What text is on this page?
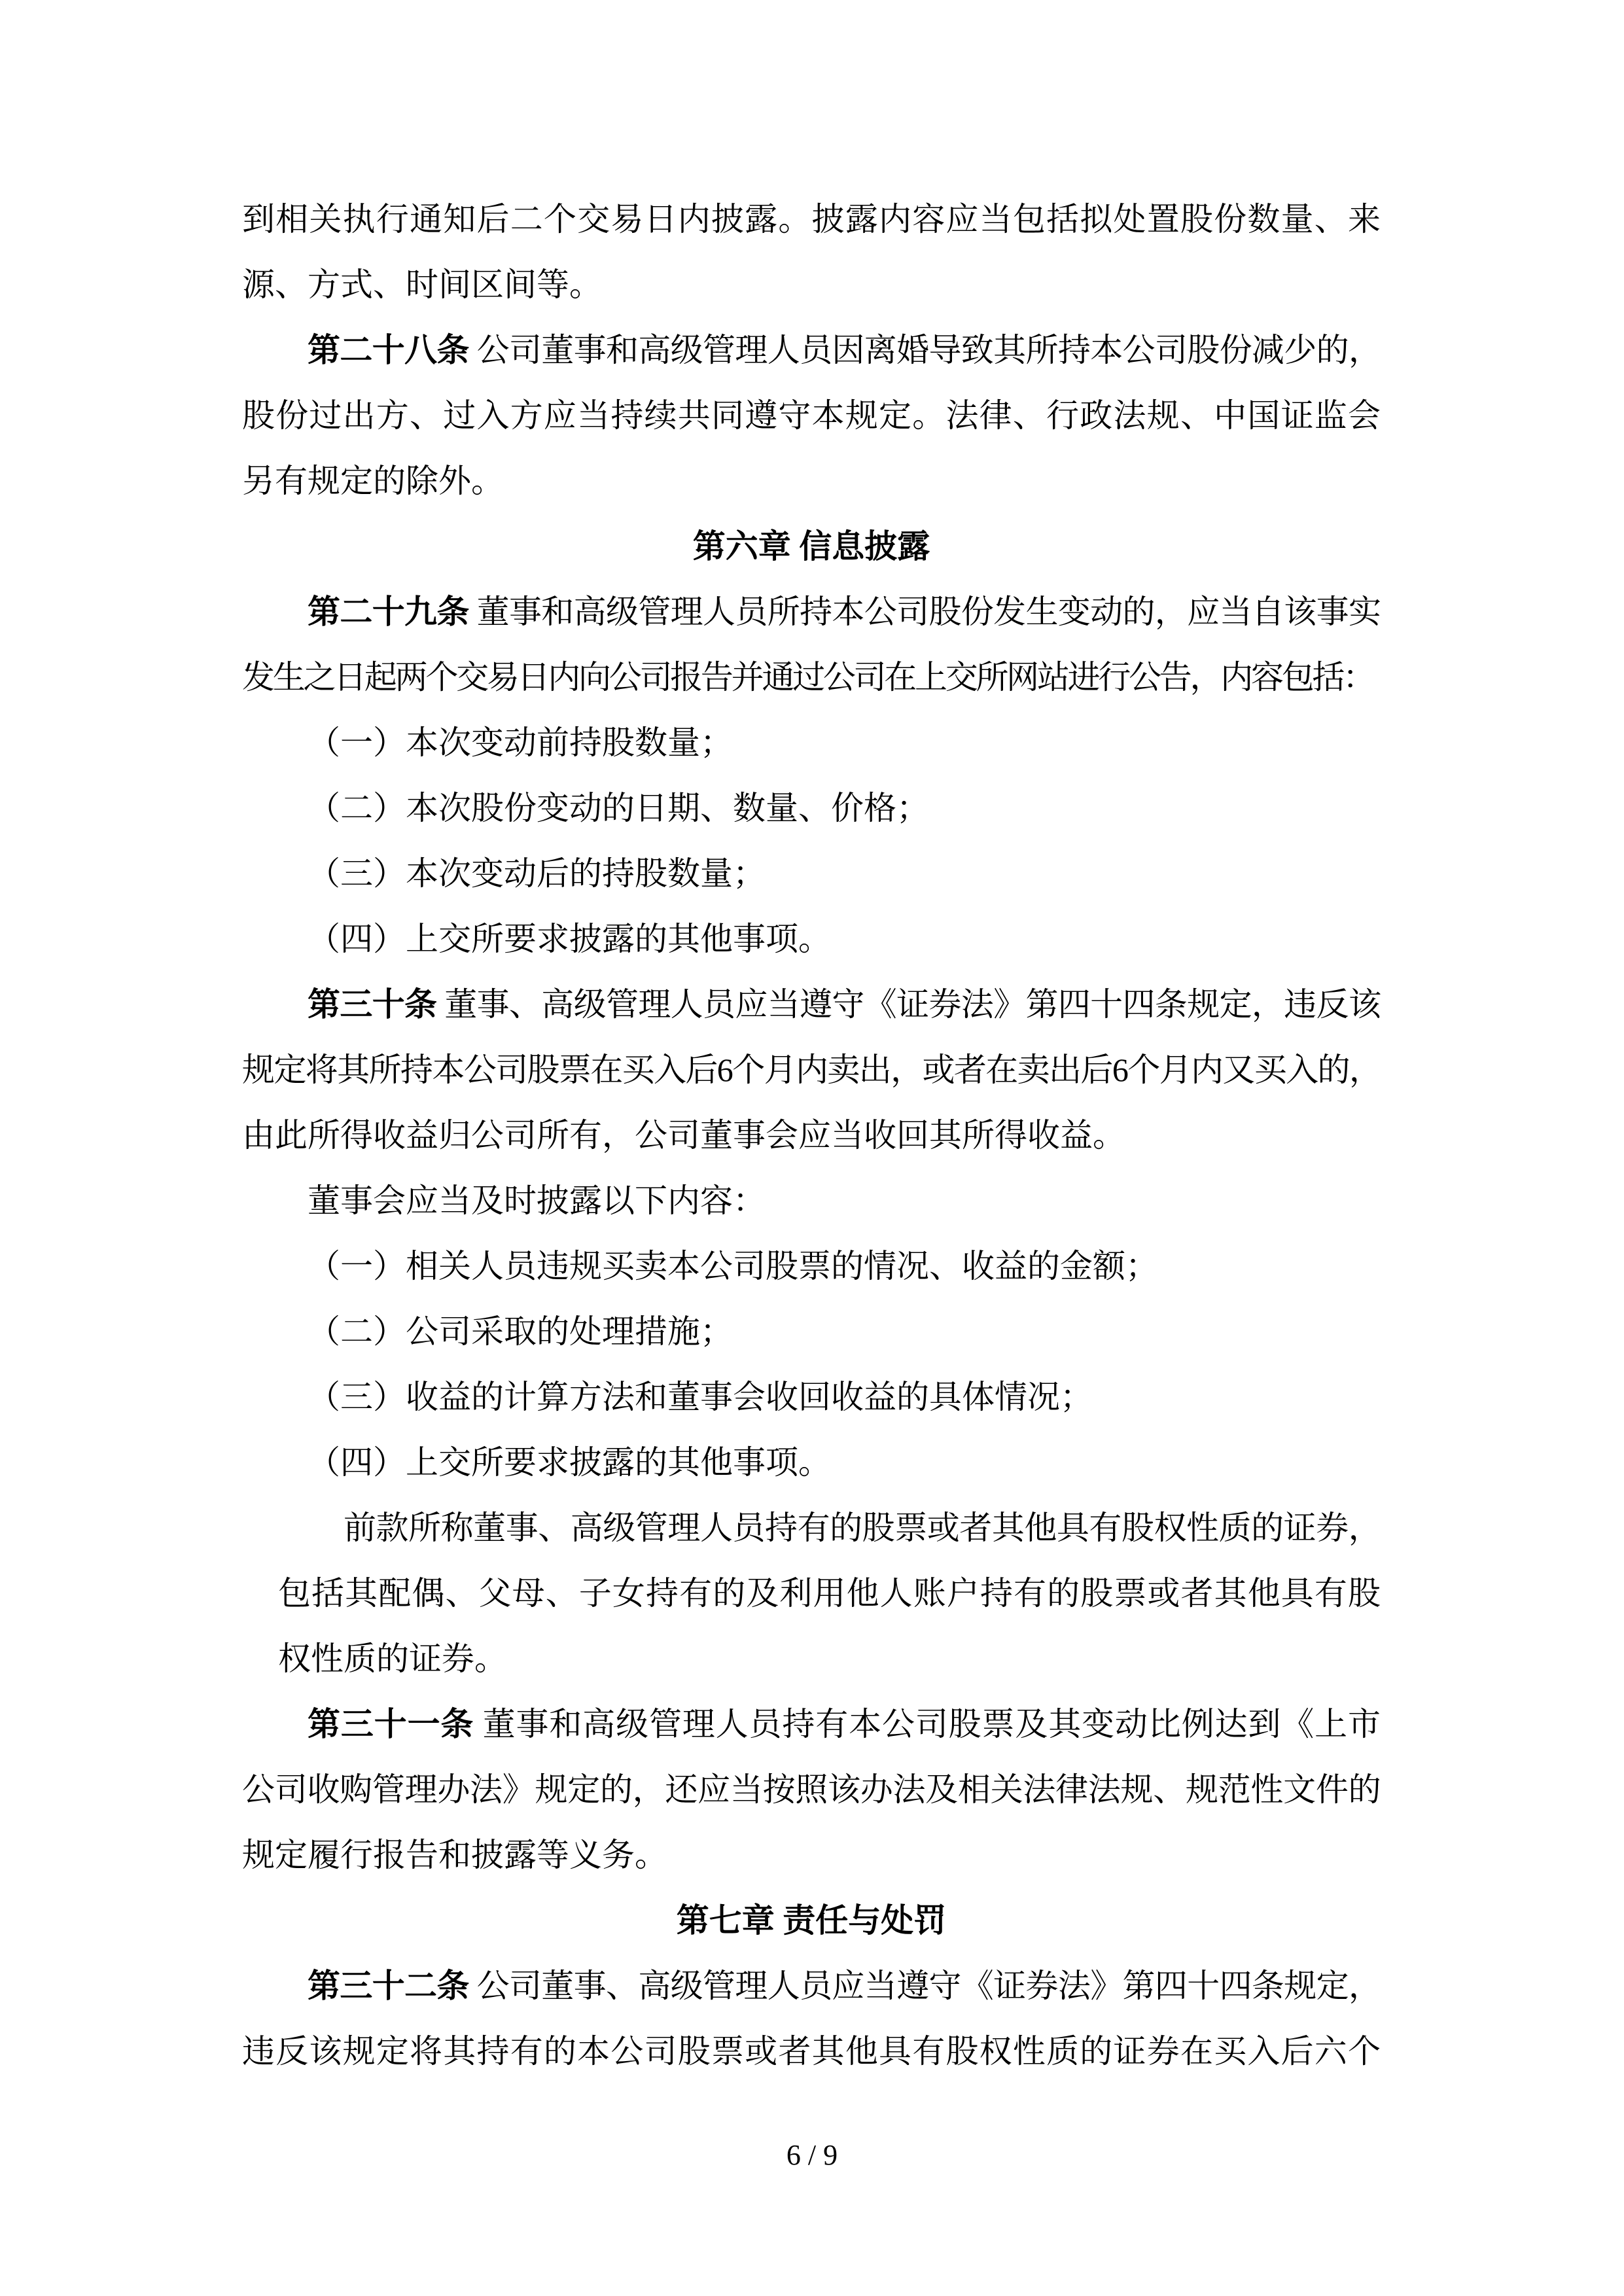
到相关执行通知后二个交易日内披露。披露内容应当包括拟处置股份数量、来
源、方式、时间区间等。
第二十八条 公司董事和高级管理人员因离婚导致其所持本公司股份减少的，
股份过出方、过入方应当持续共同遵守本规定。法律、行政法规、中国证监会
另有规定的除外。
第六章 信息披露
第二十九条 董事和高级管理人员所持本公司股份发生变动的，应当自该事实
发生之日起两个交易日内向公司报告并通过公司在上交所网站进行公告，内容包括：
（一）本次变动前持股数量；
（二）本次股份变动的日期、数量、价格；
（三）本次变动后的持股数量；
（四）上交所要求披露的其他事项。
第三十条 董事、高级管理人员应当遵守《证券法》第四十四条规定，违反该
规定将其所持本公司股票在买入后6个月内卖出，或者在卖出后6个月内又买入的，
由此所得收益归公司所有，公司董事会应当收回其所得收益。
董事会应当及时披露以下内容：
（一）相关人员违规买卖本公司股票的情况、收益的金额；
（二）公司采取的处理措施；
（三）收益的计算方法和董事会收回收益的具体情况；
（四）上交所要求披露的其他事项。
前款所称董事、高级管理人员持有的股票或者其他具有股权性质的证券，
包括其配偶、父母、子女持有的及利用他人账户持有的股票或者其他具有股
权性质的证券。
第三十一条 董事和高级管理人员持有本公司股票及其变动比例达到《上市
公司收购管理办法》规定的，还应当按照该办法及相关法律法规、规范性文件的
规定履行报告和披露等义务。
第七章 责任与处罚
第三十二条 公司董事、高级管理人员应当遵守《证券法》第四十四条规定，
违反该规定将其持有的本公司股票或者其他具有股权性质的证券在买入后六个
6 / 9
